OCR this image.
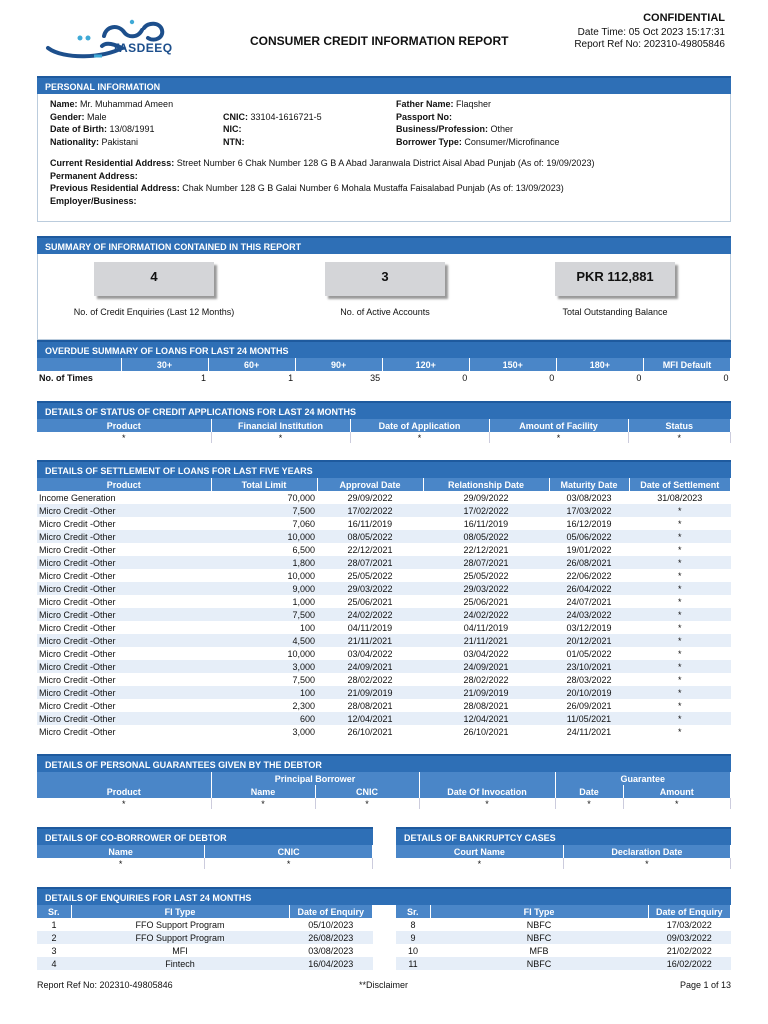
TASDEEQ	CONSUMER CREDIT INFORMATION REPORT
CONFIDENTIAL
Date Time: 05 Oct 2023 15:17:31
Report Ref No: 202310-49805846
PERSONAL INFORMATION
Name: Mr. Muhammad Ameen	Father Name: Flaqsher
Gender: Male	CNIC: 33104-1616721-5	Passport No:
Date of Birth: 13/08/1991	NIC:	Business/Profession: Other
Nationality: Pakistani	NTN:	Borrower Type: Consumer/Microfinance
Current Residential Address: Street Number 6 Chak Number 128 G B A Abad Jaranwala District Aisal Abad Punjab (As of: 19/09/2023)
Permanent Address:
Previous Residential Address: Chak Number 128 G B Galai Number 6 Mohala Mustaffa Faisalabad Punjab (As of: 13/09/2023)
Employer/Business:
SUMMARY OF INFORMATION CONTAINED IN THIS REPORT
4	3	PKR 112,881
No. of Credit Enquiries (Last 12 Months)	No. of Active Accounts	Total Outstanding Balance
OVERDUE SUMMARY OF LOANS FOR LAST 24 MONTHS
	30+	60+	90+	120+	150+	180+	MFI Default
No. of Times	1	1	35	0	0	0	0
DETAILS OF STATUS OF CREDIT APPLICATIONS FOR LAST 24 MONTHS
Product	Financial Institution	Date of Application	Amount of Facility	Status
*	*	*	*	*
DETAILS OF SETTLEMENT OF LOANS FOR LAST FIVE YEARS
Product	Total Limit	Approval Date	Relationship Date	Maturity Date	Date of Settlement
Income Generation	70,000	29/09/2022	29/09/2022	03/08/2023	31/08/2023
Micro Credit -Other	7,500	17/02/2022	17/02/2022	17/03/2022	*
Micro Credit -Other	7,060	16/11/2019	16/11/2019	16/12/2019	*
Micro Credit -Other	10,000	08/05/2022	08/05/2022	05/06/2022	*
Micro Credit -Other	6,500	22/12/2021	22/12/2021	19/01/2022	*
Micro Credit -Other	1,800	28/07/2021	28/07/2021	26/08/2021	*
Micro Credit -Other	10,000	25/05/2022	25/05/2022	22/06/2022	*
Micro Credit -Other	9,000	29/03/2022	29/03/2022	26/04/2022	*
Micro Credit -Other	1,000	25/06/2021	25/06/2021	24/07/2021	*
Micro Credit -Other	7,500	24/02/2022	24/02/2022	24/03/2022	*
Micro Credit -Other	100	04/11/2019	04/11/2019	03/12/2019	*
Micro Credit -Other	4,500	21/11/2021	21/11/2021	20/12/2021	*
Micro Credit -Other	10,000	03/04/2022	03/04/2022	01/05/2022	*
Micro Credit -Other	3,000	24/09/2021	24/09/2021	23/10/2021	*
Micro Credit -Other	7,500	28/02/2022	28/02/2022	28/03/2022	*
Micro Credit -Other	100	21/09/2019	21/09/2019	20/10/2019	*
Micro Credit -Other	2,300	28/08/2021	28/08/2021	26/09/2021	*
Micro Credit -Other	600	12/04/2021	12/04/2021	11/05/2021	*
Micro Credit -Other	3,000	26/10/2021	26/10/2021	24/11/2021	*
DETAILS OF PERSONAL GUARANTEES GIVEN BY THE DEBTOR
	Principal Borrower			Guarantee	
Product	Name	CNIC	Date Of Invocation	Date	Amount
*	*	*	*	*	*
DETAILS OF CO-BORROWER OF DEBTOR
Name	CNIC
*	*
DETAILS OF BANKRUPTCY CASES
Court Name	Declaration Date
*	*
DETAILS OF ENQUIRIES FOR LAST 24 MONTHS
Sr.	FI Type	Date of Enquiry
1	FFO Support Program	05/10/2023
2	FFO Support Program	26/08/2023
3	MFI	03/08/2023
4	Fintech	16/04/2023
Sr.	FI Type	Date of Enquiry
8	NBFC	17/03/2022
9	NBFC	09/03/2022
10	MFB	21/02/2022
11	NBFC	16/02/2022
Report Ref No: 202310-49805846	**Disclaimer	Page 1 of 13
